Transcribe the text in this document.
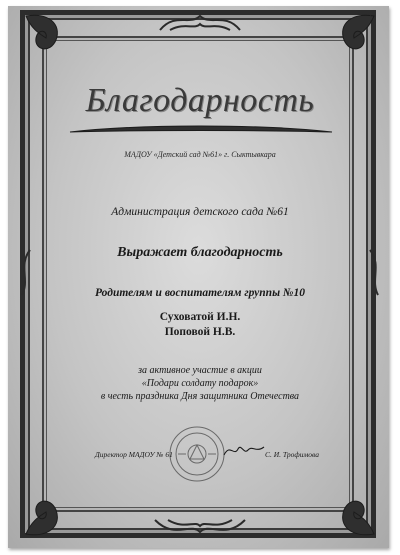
Благодарность
МАДОУ «Детский сад №61» г. Сыктывкара
Администрация детского сада №61
Выражает благодарность
Родителям и воспитателям группы №10
Суховатой И.Н.
Поповой Н.В.
за активное участие в акции
«Подари солдату подарок»
в честь праздника Дня защитника Отечества
Директор МАДОУ № 61	С. И. Трофимова
